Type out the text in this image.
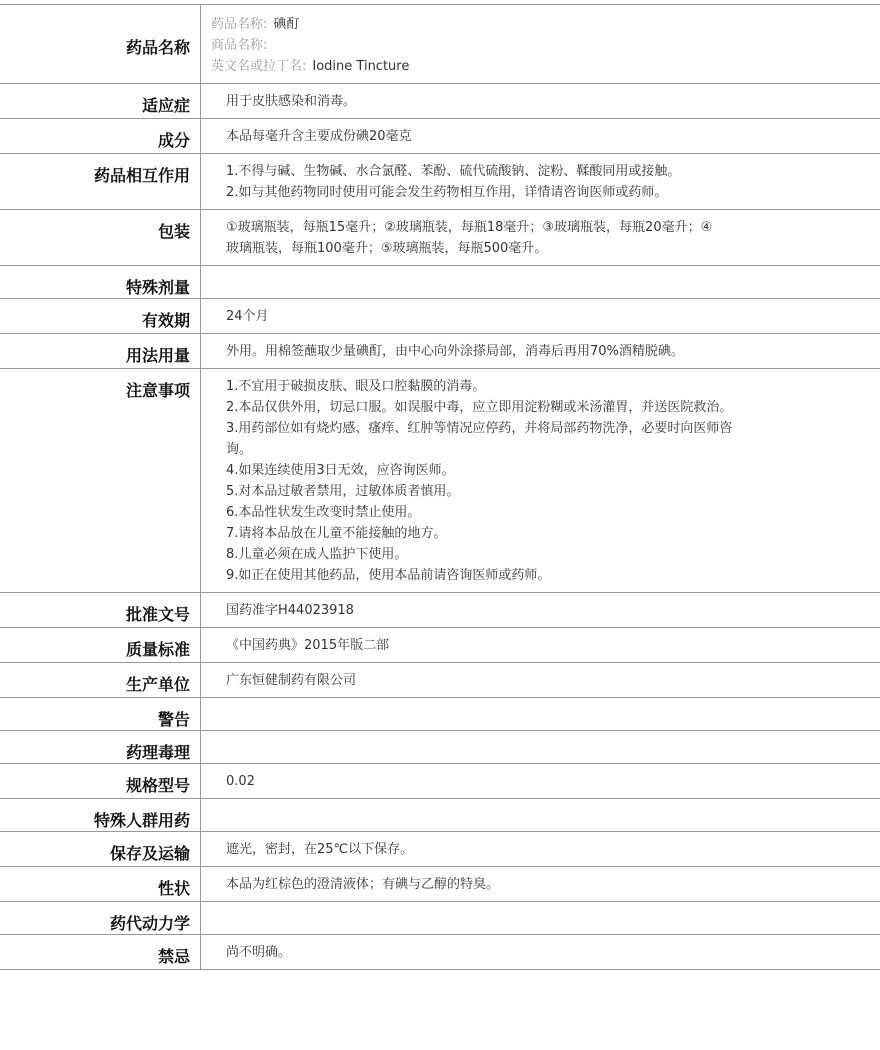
药品名称
药品名称: 碘酊
商品名称:
英文名或拉丁名: Iodine Tincture
适应症	用于皮肤感染和消毒。
成分	本品每毫升含主要成份碘20毫克
药品相互作用	1.不得与碱、生物碱、水合氯醛、苯酚、硫代硫酸钠、淀粉、鞣酸同用或接触。
2.如与其他药物同时使用可能会发生药物相互作用，详情请咨询医师或药师。
包装	①玻璃瓶装，每瓶15毫升；②玻璃瓶装，每瓶18毫升；③玻璃瓶装，每瓶20毫升；④
玻璃瓶装，每瓶100毫升；⑤玻璃瓶装，每瓶500毫升。
特殊剂量
有效期	24个月
用法用量	外用。用棉签蘸取少量碘酊，由中心向外涂搽局部，消毒后再用70%酒精脱碘。
注意事项	1.不宜用于破损皮肤、眼及口腔黏膜的消毒。
2.本品仅供外用，切忌口服。如误服中毒，应立即用淀粉糊或米汤灌胃，并送医院救治。
3.用药部位如有烧灼感、瘙痒、红肿等情况应停药，并将局部药物洗净，必要时向医师咨
询。
4.如果连续使用3日无效，应咨询医师。
5.对本品过敏者禁用，过敏体质者慎用。
6.本品性状发生改变时禁止使用。
7.请将本品放在儿童不能接触的地方。
8.儿童必须在成人监护下使用。
9.如正在使用其他药品，使用本品前请咨询医师或药师。
批准文号	国药准字H44023918
质量标准	《中国药典》2015年版二部
生产单位	广东恒健制药有限公司
警告
药理毒理
规格型号	0.02
特殊人群用药
保存及运输	遮光，密封，在25℃以下保存。
性状	本品为红棕色的澄清液体；有碘与乙醇的特臭。
药代动力学
禁忌	尚不明确。
